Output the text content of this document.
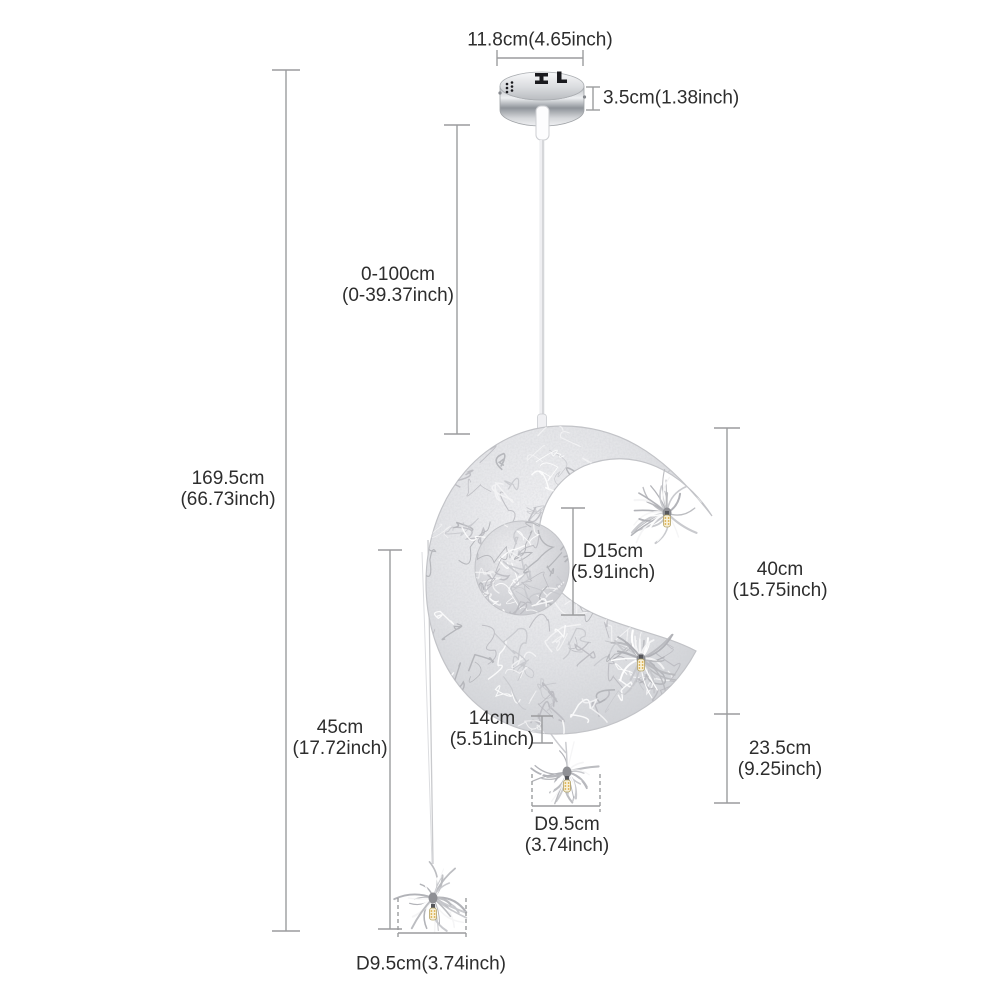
11.8cm(4.65inch)
3.5cm(1.38inch)
0-100cm
(0-39.37inch)
169.5cm
(66.73inch)
D15cm
(5.91inch)	40cm
(15.75inch)
23.5cm
(9.25inch)
45cm
(17.72inch)
14cm
(5.51inch)
D9.5cm
(3.74inch)
D9.5cm(3.74inch)
